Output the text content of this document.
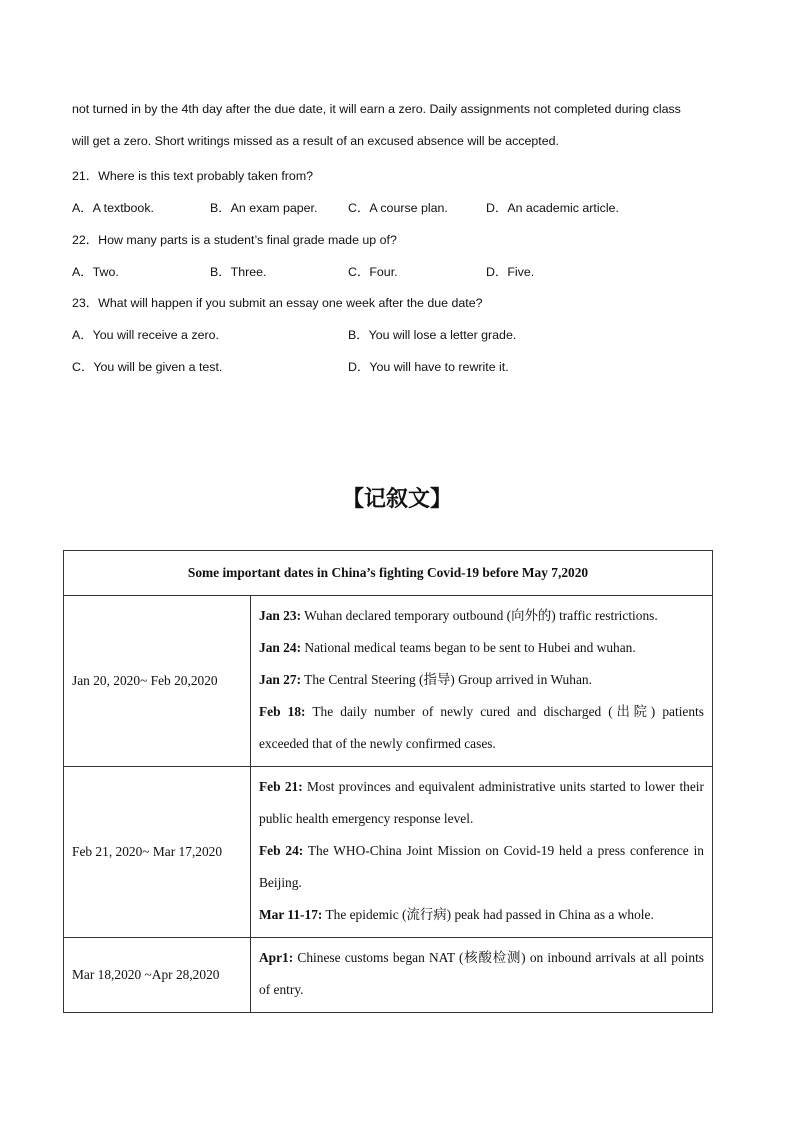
not turned in by the 4th day after the due date, it will earn a zero. Daily assignments not completed during class
will get a zero. Short writings missed as a result of an excused absence will be accepted.
21．Where is this text probably taken from?
A．A textbook.	B．An exam paper. C．A course plan.	D．An academic article.
22．How many parts is a student’s final grade made up of?
A．Two.	B．Three.	C．Four.	D．Five.
23．What will happen if you submit an essay one week after the due date?
A．You will receive a zero.	B．You will lose a letter grade.
C．You will be given a test.	D．You will have to rewrite it.
【记叙文】
Some important dates in China’s fighting Covid-19 before May 7,2020	
Jan 20, 2020~ Feb 20,2020	Jan 23: Wuhan declared temporary outbound (向外的) traffic restrictions.

Jan 24: National medical teams began to be sent to Hubei and wuhan.

Jan 27: The Central Steering (指导) Group arrived in Wuhan.

Feb 18: The daily number of newly cured and discharged (出院) patients exceeded that of the newly confirmed cases.

Feb 21, 2020~ Mar 17,2020	Feb 21: Most provinces and equivalent administrative units started to lower their public health emergency response level.

Feb 24: The WHO-China Joint Mission on Covid-19 held a press conference in Beijing.

Mar 11-17: The epidemic (流行病) peak had passed in China as a whole.

Mar 18,2020 ~Apr 28,2020	Apr1: Chinese customs began NAT (核酸检测) on inbound arrivals at all points of entry.
